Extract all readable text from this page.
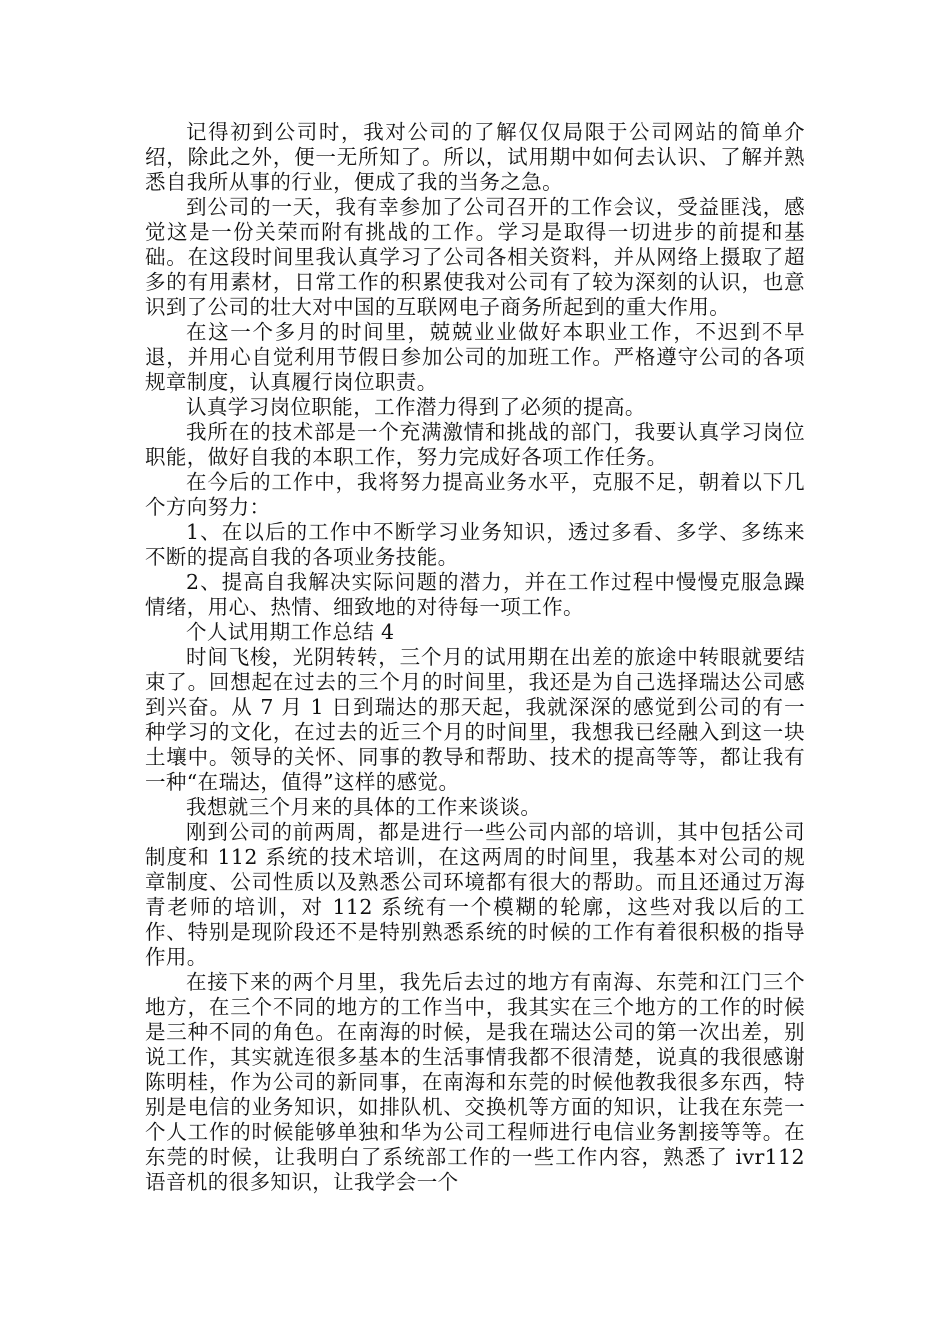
记得初到公司时，我对公司的了解仅仅局限于公司网站的简单介绍，除此之外，便一无所知了。所以，试用期中如何去认识、了解并熟悉自我所从事的行业，便成了我的当务之急。

到公司的一天，我有幸参加了公司召开的工作会议，受益匪浅，感觉这是一份关荣而附有挑战的工作。学习是取得一切进步的前提和基础。在这段时间里我认真学习了公司各相关资料，并从网络上摄取了超多的有用素材，日常工作的积累使我对公司有了较为深刻的认识，也意识到了公司的壮大对中国的互联网电子商务所起到的重大作用。

在这一个多月的时间里，兢兢业业做好本职业工作，不迟到不早退，并用心自觉利用节假日参加公司的加班工作。严格遵守公司的各项规章制度，认真履行岗位职责。

认真学习岗位职能，工作潜力得到了必须的提高。

我所在的技术部是一个充满激情和挑战的部门，我要认真学习岗位职能，做好自我的本职工作，努力完成好各项工作任务。

在今后的工作中，我将努力提高业务水平，克服不足，朝着以下几个方向努力：

1、在以后的工作中不断学习业务知识，透过多看、多学、多练来不断的提高自我的各项业务技能。

2、提高自我解决实际问题的潜力，并在工作过程中慢慢克服急躁情绪，用心、热情、细致地的对待每一项工作。

个人试用期工作总结 4

时间飞梭，光阴转转，三个月的试用期在出差的旅途中转眼就要结束了。回想起在过去的三个月的时间里，我还是为自己选择瑞达公司感到兴奋。从 7 月 1 日到瑞达的那天起，我就深深的感觉到公司的有一种学习的文化，在过去的近三个月的时间里，我想我已经融入到这一块土壤中。领导的关怀、同事的教导和帮助、技术的提高等等，都让我有一种“在瑞达，值得”这样的感觉。

我想就三个月来的具体的工作来谈谈。

刚到公司的前两周，都是进行一些公司内部的培训，其中包括公司制度和 112 系统的技术培训，在这两周的时间里，我基本对公司的规章制度、公司性质以及熟悉公司环境都有很大的帮助。而且还通过万海青老师的培训，对 112 系统有一个模糊的轮廓，这些对我以后的工作、特别是现阶段还不是特别熟悉系统的时候的工作有着很积极的指导作用。

在接下来的两个月里，我先后去过的地方有南海、东莞和江门三个地方，在三个不同的地方的工作当中，我其实在三个地方的工作的时候是三种不同的角色。在南海的时候，是我在瑞达公司的第一次出差，别说工作，其实就连很多基本的生活事情我都不很清楚，说真的我很感谢陈明桂，作为公司的新同事，在南海和东莞的时候他教我很多东西，特别是电信的业务知识，如排队机、交换机等方面的知识，让我在东莞一个人工作的时候能够单独和华为公司工程师进行电信业务割接等等。在东莞的时候，让我明白了系统部工作的一些工作内容，熟悉了 ivr112 语音机的很多知识，让我学会一个
